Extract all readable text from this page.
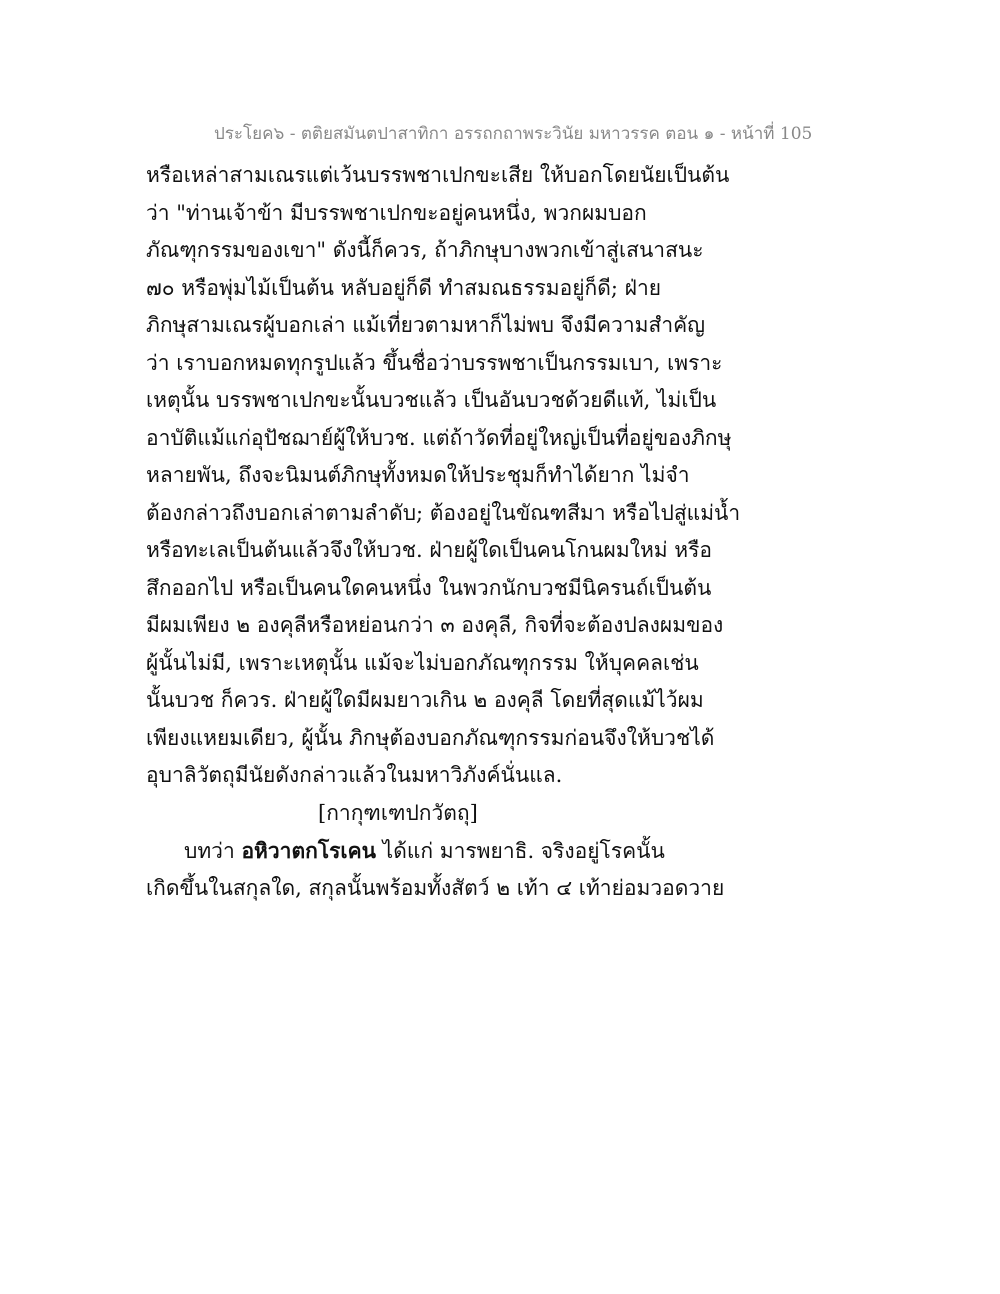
ประโยค๖ - ตติยสมันตปาสาทิกา อรรถกถาพระวินัย มหาวรรค ตอน ๑ - หน้าที่ 105
หรือเหล่าสามเณรแต่เว้นบรรพชาเปกขะเสีย ให้บอกโดยนัยเป็นต้น
ว่า "ท่านเจ้าข้า มีบรรพชาเปกขะอยู่คนหนึ่ง, พวกผมบอก
ภัณฑุกรรมของเขา" ดังนี้ก็ควร, ถ้าภิกษุบางพวกเข้าสู่เสนาสนะ
๗๐ หรือพุ่มไม้เป็นต้น หลับอยู่ก็ดี ทำสมณธรรมอยู่ก็ดี; ฝ่าย
ภิกษุสามเณรผู้บอกเล่า แม้เที่ยวตามหาก็ไม่พบ จึงมีความสำคัญ
ว่า เราบอกหมดทุกรูปแล้ว ขึ้นชื่อว่าบรรพชาเป็นกรรมเบา, เพราะ
เหตุนั้น บรรพชาเปกขะนั้นบวชแล้ว เป็นอันบวชด้วยดีแท้, ไม่เป็น
อาบัติแม้แก่อุปัชฌาย์ผู้ให้บวช. แต่ถ้าวัดที่อยู่ใหญ่เป็นที่อยู่ของภิกษุ
หลายพัน, ถึงจะนิมนต์ภิกษุทั้งหมดให้ประชุมก็ทำได้ยาก ไม่จำ
ต้องกล่าวถึงบอกเล่าตามลำดับ; ต้องอยู่ในขัณฑสีมา หรือไปสู่แม่น้ำ
หรือทะเลเป็นต้นแล้วจึงให้บวช. ฝ่ายผู้ใดเป็นคนโกนผมใหม่ หรือ
สึกออกไป หรือเป็นคนใดคนหนึ่ง ในพวกนักบวชมีนิครนถ์เป็นต้น
มีผมเพียง ๒ องคุลีหรือหย่อนกว่า ๓ องคุลี, กิจที่จะต้องปลงผมของ
ผู้นั้นไม่มี, เพราะเหตุนั้น แม้จะไม่บอกภัณฑุกรรม ให้บุคคลเช่น
นั้นบวช ก็ควร. ฝ่ายผู้ใดมีผมยาวเกิน ๒ องคุลี โดยที่สุดแม้ไว้ผม
เพียงแหยมเดียว, ผู้นั้น ภิกษุต้องบอกภัณฑุกรรมก่อนจึงให้บวชได้
อุบาลิวัตถุมีนัยดังกล่าวแล้วในมหาวิภังค์นั่นแล.
[กากุฑเฑปกวัตถุ]
บทว่า อหิวาตกโรเคน ได้แก่ มารพยาธิ. จริงอยู่โรคนั้น
เกิดขึ้นในสกุลใด, สกุลนั้นพร้อมทั้งสัตว์ ๒ เท้า ๔ เท้าย่อมวอดวาย
